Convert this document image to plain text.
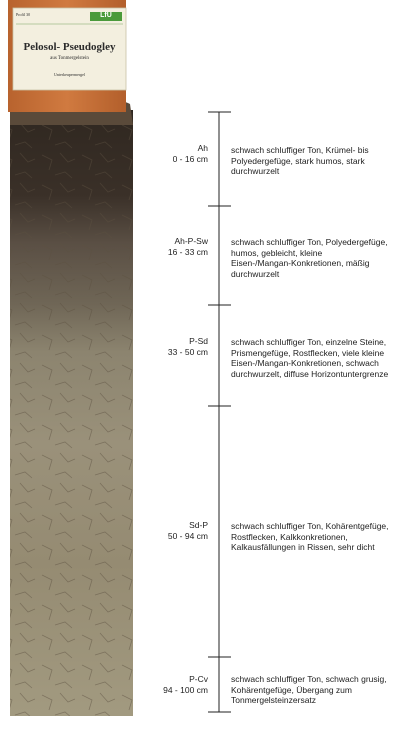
Profil 30	LfU
Pelosol- Pseudogley
aus Tonmergelstein
Unterkeupermergel
Ah
0 - 16 cm
schwach schluffiger Ton, Krümel- bis
Polyedergefüge, stark humos, stark
durchwurzelt
Ah-P-Sw
16 - 33 cm
schwach schluffiger Ton, Polyedergefüge,
humos, gebleicht, kleine
Eisen-/Mangan-Konkretionen, mäßig
durchwurzelt
P-Sd
33 - 50 cm
schwach schluffiger Ton, einzelne Steine,
Prismengefüge, Rostflecken, viele kleine
Eisen-/Mangan-Konkretionen, schwach
durchwurzelt, diffuse Horizontuntergrenze
Sd-P
50 - 94 cm
schwach schluffiger Ton, Kohärentgefüge,
Rostflecken, Kalkkonkretionen,
Kalkausfällungen in Rissen, sehr dicht
P-Cv
94 - 100 cm
schwach schluffiger Ton, schwach grusig,
Kohärentgefüge, Übergang zum
Tonmergelsteinzersatz
